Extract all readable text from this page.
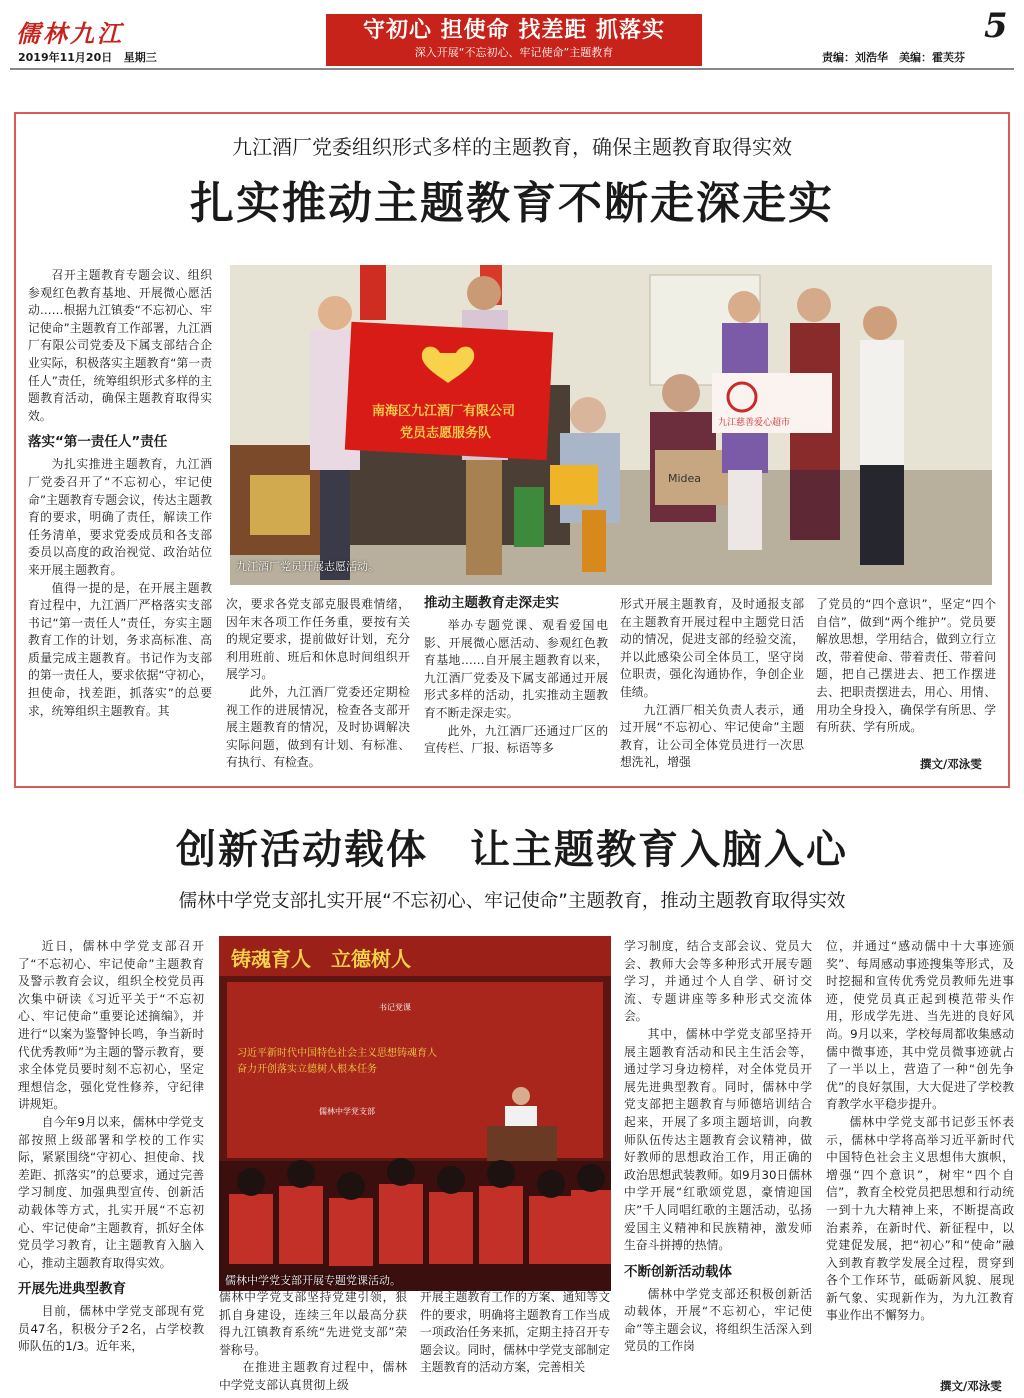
儒林九江
2019年11月20日 星期三
守初心 担使命 找差距 抓落实
深入开展“不忘初心、牢记使命”主题教育
5
责编：刘浩华　美编：霍芙芬
九江酒厂党委组织形式多样的主题教育，确保主题教育取得实效
扎实推动主题教育不断走深走实
Midea
南海区九江酒厂有限公司
党员志愿服务队
九江慈善爱心超市
九江酒厂党员开展志愿活动。

召开主题教育专题会议、组织参观红色教育基地、开展微心愿活动……根据九江镇委“不忘初心、牢记使命”主题教育工作部署，九江酒厂有限公司党委及下属支部结合企业实际，积极落实主题教育“第一责任人”责任，统筹组织形式多样的主题教育活动，确保主题教育取得实效。

落实“第一责任人”责任

为扎实推进主题教育，九江酒厂党委召开了“不忘初心，牢记使命”主题教育专题会议，传达主题教育的要求，明确了责任，解读工作任务清单，要求党委成员和各支部委员以高度的政治视觉、政治站位来开展主题教育。

值得一提的是，在开展主题教育过程中，九江酒厂严格落实支部书记“第一责任人”责任，夯实主题教育工作的计划，务求高标准、高质量完成主题教育。书记作为支部的第一责任人，要求依据“守初心，担使命，找差距，抓落实”的总要求，统筹组织主题教育。其

次，要求各党支部克服畏难情绪，因年末各项工作任务重，要按有关的规定要求，提前做好计划，充分利用班前、班后和休息时间组织开展学习。

此外，九江酒厂党委还定期检视工作的进展情况，检查各支部开展主题教育的情况，及时协调解决实际问题，做到有计划、有标准、有执行、有检查。

推动主题教育走深走实

举办专题党课、观看爱国电影、开展微心愿活动、参观红色教育基地……自开展主题教育以来，九江酒厂党委及下属支部通过开展形式多样的活动，扎实推动主题教育不断走深走实。

此外，九江酒厂还通过厂区的宣传栏、厂报、标语等多

形式开展主题教育，及时通报支部在主题教育开展过程中主题党日活动的情况，促进支部的经验交流，并以此感染公司全体员工，坚守岗位职责，强化沟通协作，争创企业佳绩。

九江酒厂相关负责人表示，通过开展“不忘初心、牢记使命”主题教育，让公司全体党员进行一次思想洗礼，增强

了党员的“四个意识”，坚定“四个自信”，做到“两个维护”。党员要解放思想，学用结合，做到立行立改，带着使命、带着责任、带着问题，把自己摆进去、把工作摆进去、把职责摆进去，用心、用情、用功全身投入，确保学有所思、学有所获、学有所成。

撰文/邓泳雯
创新活动载体　让主题教育入脑入心
儒林中学党支部扎实开展“不忘初心、牢记使命”主题教育，推动主题教育取得实效
铸魂育人　立德树人
书记党课
习近平新时代中国特色社会主义思想铸魂育人
奋力开创落实立德树人根本任务
儒林中学党支部
儒林中学党支部开展专题党课活动。

近日，儒林中学党支部召开了“不忘初心、牢记使命”主题教育及警示教育会议，组织全校党员再次集中研读《习近平关于“不忘初心、牢记使命”重要论述摘编》，并进行“以案为鉴警钟长鸣，争当新时代优秀教师”为主题的警示教育，要求全体党员要时刻不忘初心，坚定理想信念，强化党性修养，守纪律讲规矩。

自今年9月以来，儒林中学党支部按照上级部署和学校的工作实际，紧紧围绕“守初心、担使命、找差距、抓落实”的总要求，通过完善学习制度、加强典型宣传、创新活动载体等方式，扎实开展“不忘初心、牢记使命”主题教育，抓好全体党员学习教育，让主题教育入脑入心，推动主题教育取得实效。

开展先进典型教育

目前，儒林中学党支部现有党员47名，积极分子2名，占学校教师队伍的1/3。近年来，

儒林中学党支部坚持党建引领，狠抓自身建设，连续三年以最高分获得九江镇教育系统“先进党支部”荣誉称号。

在推进主题教育过程中，儒林中学党支部认真贯彻上级

开展主题教育工作的方案、通知等文件的要求，明确将主题教育工作当成一项政治任务来抓，定期主持召开专题会议。同时，儒林中学党支部制定主题教育的活动方案，完善相关

学习制度，结合支部会议、党员大会、教师大会等多种形式开展专题学习，并通过个人自学、研讨交流、专题讲座等多种形式交流体会。

其中，儒林中学党支部坚持开展主题教育活动和民主生活会等，通过学习身边榜样，对全体党员开展先进典型教育。同时，儒林中学党支部把主题教育与师德培训结合起来，开展了多项主题培训，向教师队伍传达主题教育会议精神，做好教师的思想政治工作，用正确的政治思想武装教师。如9月30日儒林中学开展“红歌颂党恩，豪情迎国庆”千人同唱红歌的主题活动，弘扬爱国主义精神和民族精神，激发师生奋斗拼搏的热情。

不断创新活动载体

儒林中学党支部还积极创新活动载体，开展“不忘初心，牢记使命”等主题会议，将组织生活深入到党员的工作岗

位，并通过“感动儒中十大事迹颁奖”、每周感动事迹搜集等形式，及时挖掘和宣传优秀党员教师先进事迹，使党员真正起到模范带头作用，形成学先进、当先进的良好风尚。9月以来，学校每周都收集感动儒中微事迹，其中党员微事迹就占了一半以上，营造了一种“创先争优”的良好氛围，大大促进了学校教育教学水平稳步提升。

儒林中学党支部书记彭玉怀表示，儒林中学将高举习近平新时代中国特色社会主义思想伟大旗帜，增强“四个意识”，树牢“四个自信”，教育全校党员把思想和行动统一到十九大精神上来，不断提高政治素养，在新时代、新征程中，以党建促发展，把“初心”和“使命”融入到教育教学发展全过程，贯穿到各个工作环节，砥砺新风貌、展现新气象、实现新作为，为九江教育事业作出不懈努力。

撰文/邓泳雯
